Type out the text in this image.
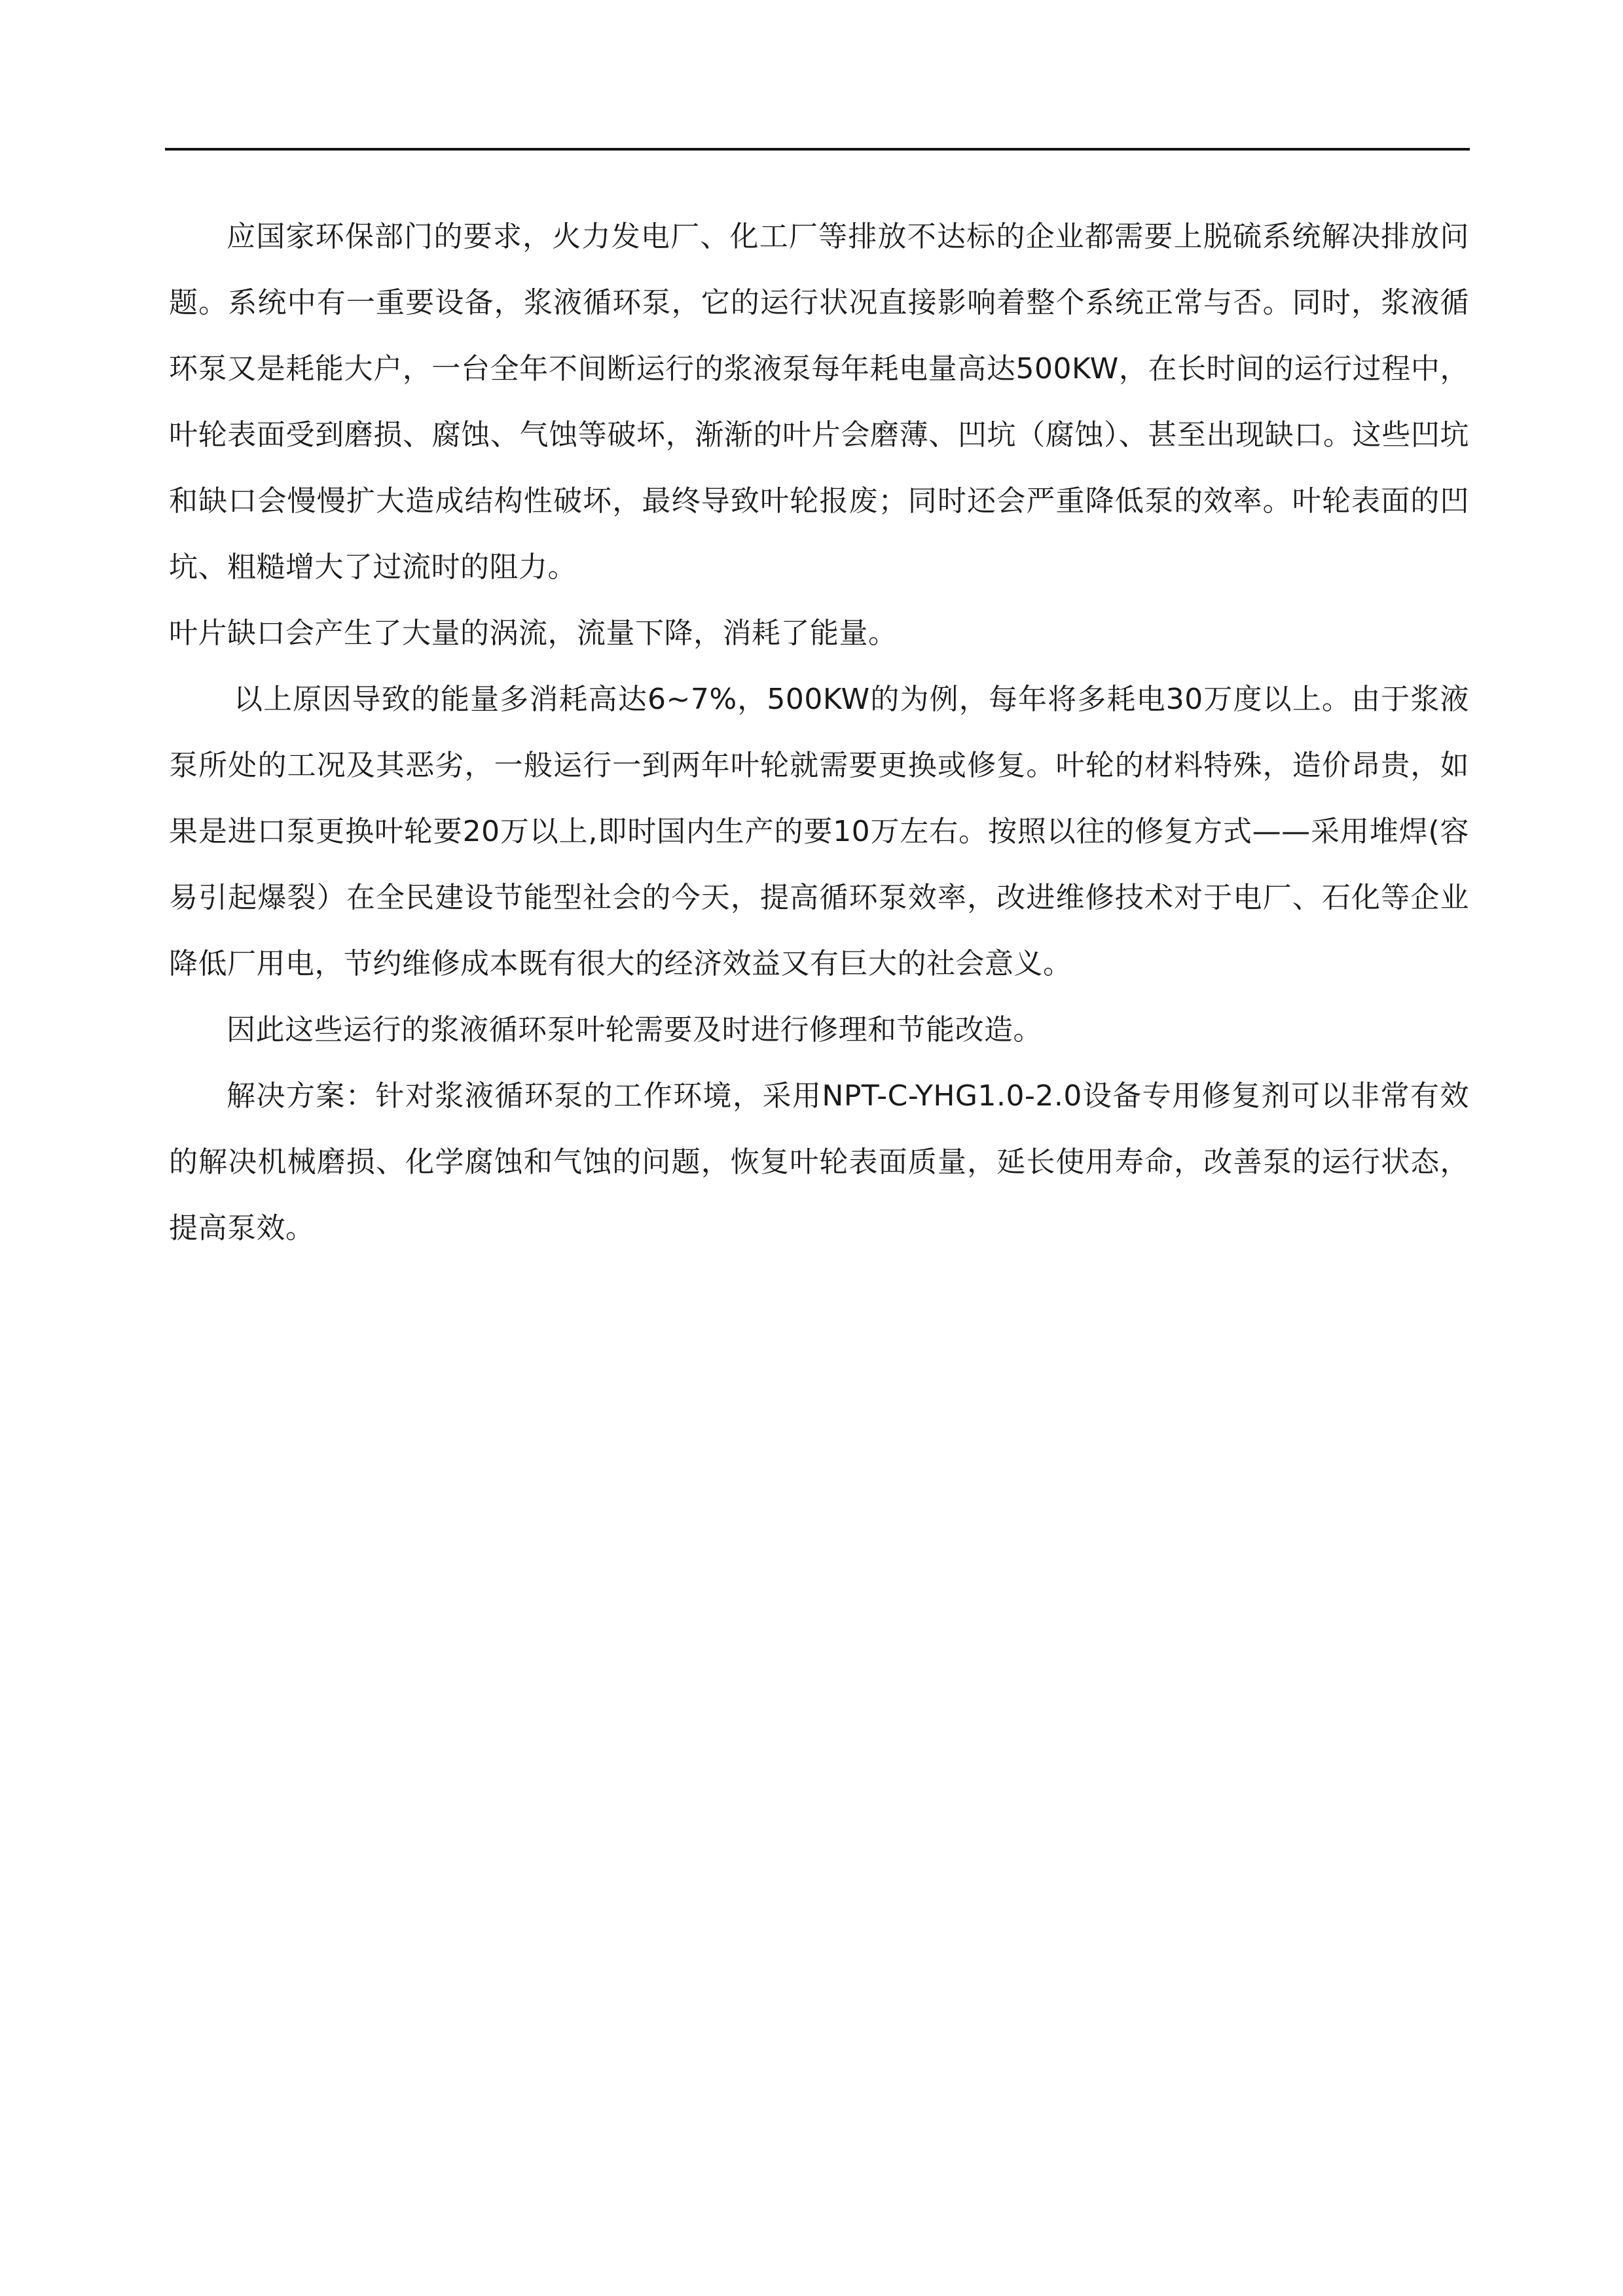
应国家环保部门的要求，火力发电厂、化工厂等排放不达标的企业都需要上脱硫系统解决排放问题。系统中有一重要设备，浆液循环泵，它的运行状况直接影响着整个系统正常与否。同时，浆液循环泵又是耗能大户，一台全年不间断运行的浆液泵每年耗电量高达500KW，在长时间的运行过程中，叶轮表面受到磨损、腐蚀、气蚀等破坏，渐渐的叶片会磨薄、凹坑（腐蚀）、甚至出现缺口。这些凹坑和缺口会慢慢扩大造成结构性破坏，最终导致叶轮报废；同时还会严重降低泵的效率。叶轮表面的凹坑、粗糙增大了过流时的阻力。

叶片缺口会产生了大量的涡流，流量下降，消耗了能量。

以上原因导致的能量多消耗高达6~7%，500KW的为例，每年将多耗电30万度以上。由于浆液泵所处的工况及其恶劣，一般运行一到两年叶轮就需要更换或修复。叶轮的材料特殊，造价昂贵，如果是进口泵更换叶轮要20万以上,即时国内生产的要10万左右。按照以往的修复方式——采用堆焊(容易引起爆裂）在全民建设节能型社会的今天，提高循环泵效率，改进维修技术对于电厂、石化等企业降低厂用电，节约维修成本既有很大的经济效益又有巨大的社会意义。

因此这些运行的浆液循环泵叶轮需要及时进行修理和节能改造。

解决方案：针对浆液循环泵的工作环境，采用NPT-C-YHG1.0-2.0设备专用修复剂可以非常有效的解决机械磨损、化学腐蚀和气蚀的问题，恢复叶轮表面质量，延长使用寿命，改善泵的运行状态，提高泵效。
